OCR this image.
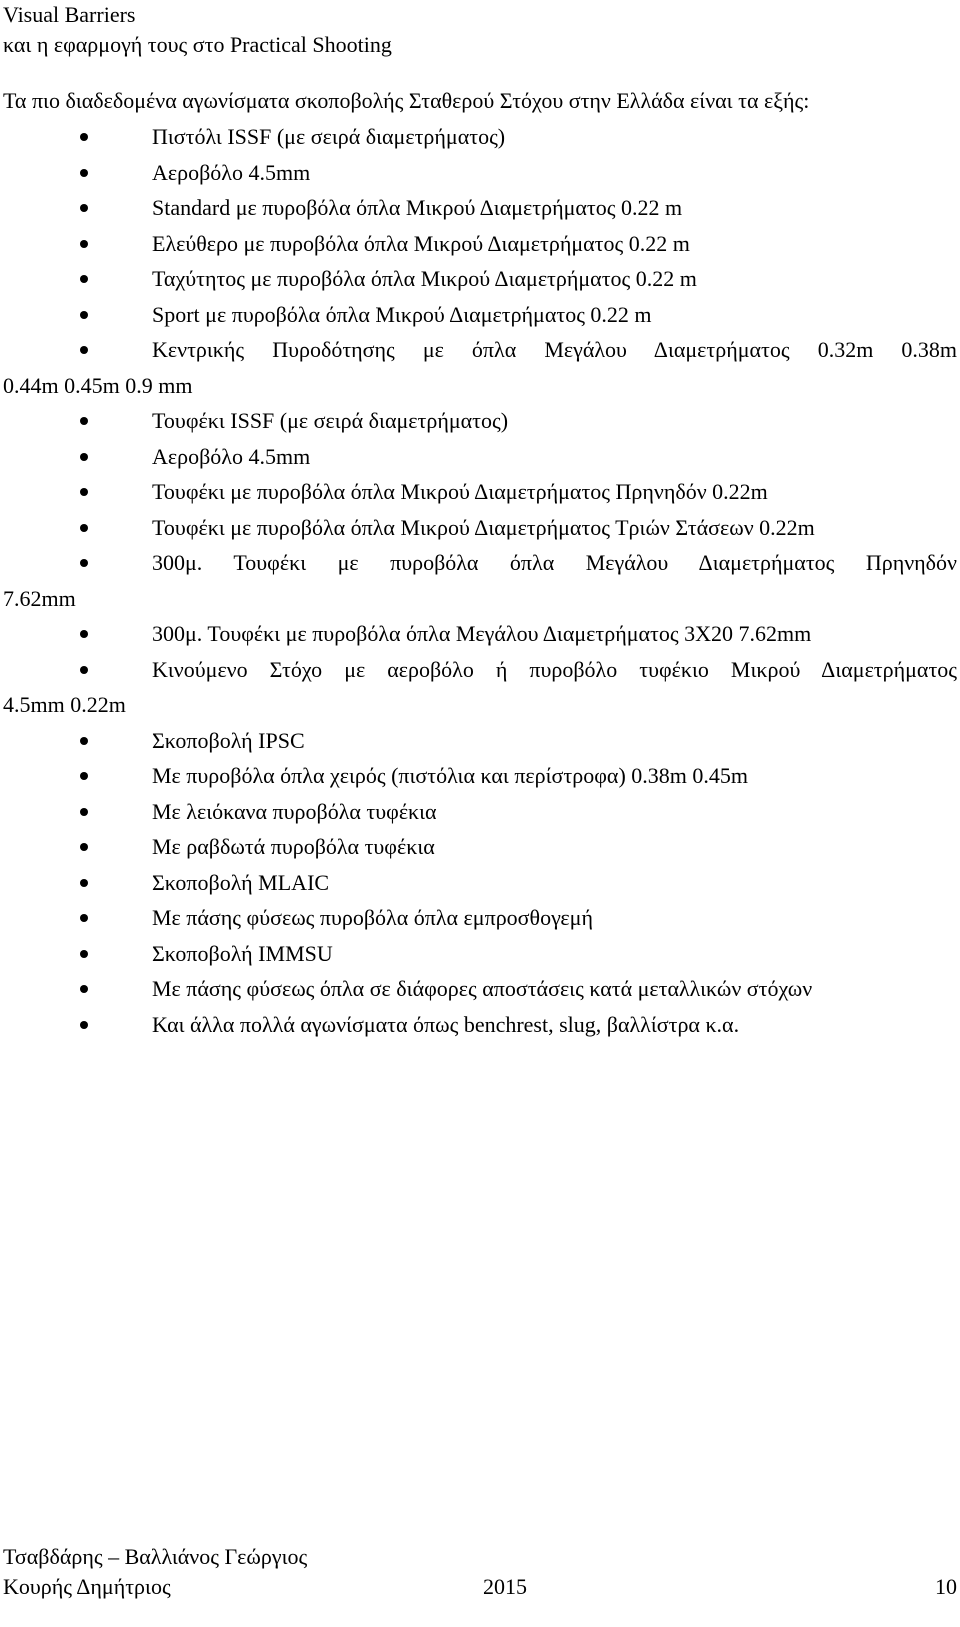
Visual Barriers
και η εφαρμογή τους στο Practical Shooting
Τα πιο διαδεδομένα αγωνίσματα σκοποβολής Σταθερού Στόχου στην Ελλάδα είναι τα εξής:
Πιστόλι ISSF (με σειρά διαμετρήματος)
Αεροβόλο 4.5mm
Standard με πυροβόλα όπλα Μικρού Διαμετρήματος 0.22 m
Ελεύθερο με πυροβόλα όπλα Μικρού Διαμετρήματος 0.22 m
Ταχύτητος με πυροβόλα όπλα Μικρού Διαμετρήματος 0.22 m
Sport με πυροβόλα όπλα Μικρού Διαμετρήματος 0.22 m
Κεντρικής Πυροδότησης με όπλα Μεγάλου Διαμετρήματος 0.32m 0.38m
0.44m 0.45m 0.9 mm
Τουφέκι ISSF (με σειρά διαμετρήματος)
Αεροβόλο 4.5mm
Τουφέκι με πυροβόλα όπλα Μικρού Διαμετρήματος Πρηνηδόν 0.22m
Τουφέκι με πυροβόλα όπλα Μικρού Διαμετρήματος Τριών Στάσεων 0.22m
300μ. Τουφέκι με πυροβόλα όπλα Μεγάλου Διαμετρήματος Πρηνηδόν
7.62mm
300μ. Τουφέκι με πυροβόλα όπλα Μεγάλου Διαμετρήματος 3Χ20 7.62mm
Κινούμενο Στόχο με αεροβόλο ή πυροβόλο τυφέκιο Μικρού Διαμετρήματος
4.5mm 0.22m
Σκοποβολή IPSC
Με πυροβόλα όπλα χειρός (πιστόλια και περίστροφα) 0.38m 0.45m
Με λειόκανα πυροβόλα τυφέκια
Με ραβδωτά πυροβόλα τυφέκια
Σκοποβολή MLAIC
Με πάσης φύσεως πυροβόλα όπλα εμπροσθογεμή
Σκοποβολή IMMSU
Με πάσης φύσεως όπλα σε διάφορες αποστάσεις κατά μεταλλικών στόχων
Και άλλα πολλά αγωνίσματα όπως benchrest, slug, βαλλίστρα κ.α.
Τσαβδάρης – Βαλλιάνος Γεώργιος
Κουρής Δημήτριος	2015	10
